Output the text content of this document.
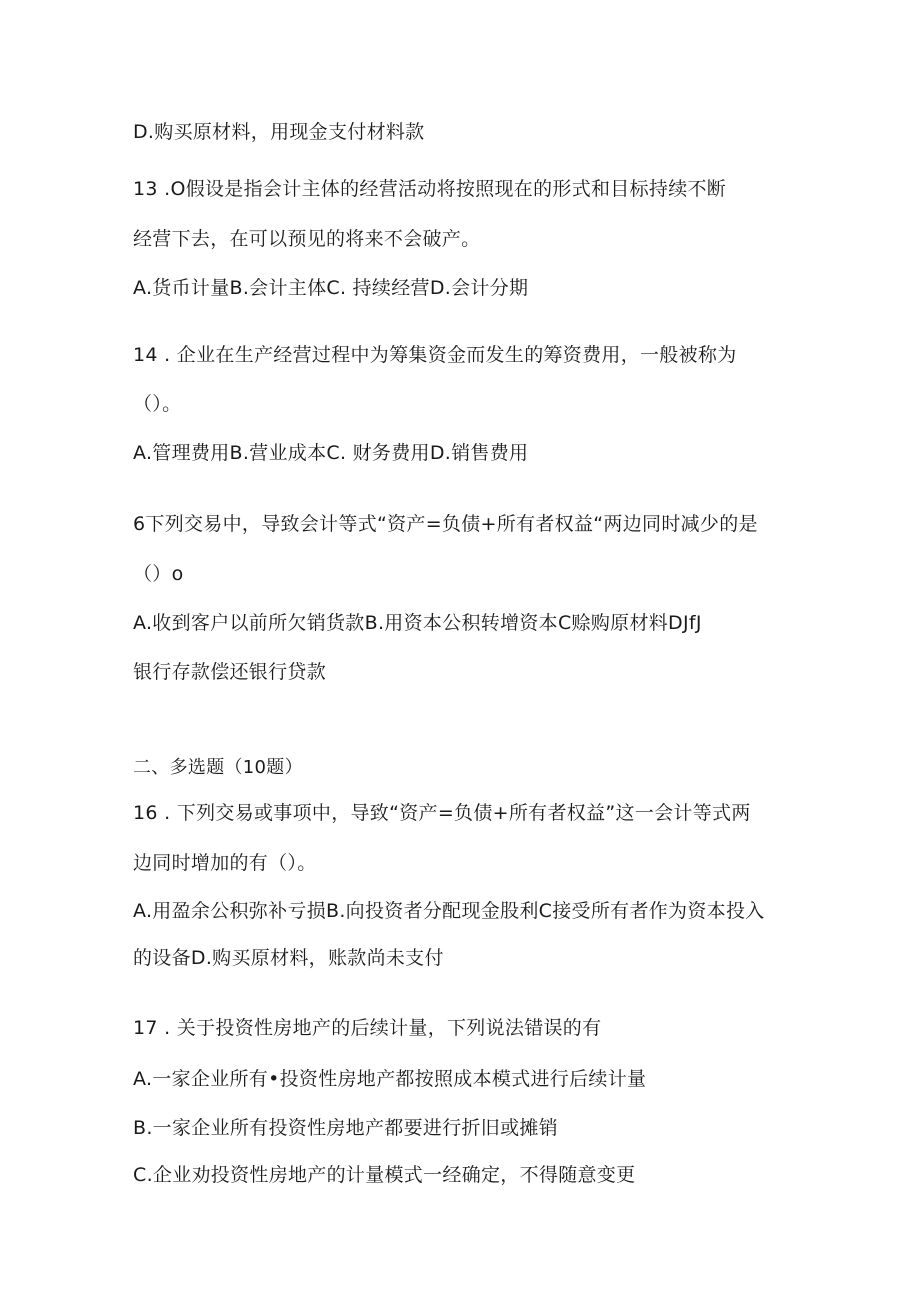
D.购买原材料，用现金支付材料款
13 .O假设是指会计主体的经营活动将按照现在的形式和目标持续不断
经营下去，在可以预见的将来不会破产。
A.货币计量B.会计主体C. 持续经营D.会计分期
14 . 企业在生产经营过程中为筹集资金而发生的筹资费用，一般被称为
（）。
A.管理费用B.营业成本C. 财务费用D.销售费用
6下列交易中，导致会计等式“资产=负债+所有者权益“两边同时减少的是
（）o
A.收到客户以前所欠销货款B.用资本公积转增资本C赊购原材料DJfJ
银行存款偿还银行贷款
二、多选题（10题）
16 . 下列交易或事项中，导致“资产=负债+所有者权益”这一会计等式两
边同时增加的有（）。
A.用盈余公积弥补亏损B.向投资者分配现金股利C接受所有者作为资本投入
的设备D.购买原材料，账款尚未支付
17 . 关于投资性房地产的后续计量，下列说法错误的有
A.一家企业所有•投资性房地产都按照成本模式进行后续计量
B.一家企业所有投资性房地产都要进行折旧或摊销
C.企业劝投资性房地产的计量模式一经确定，不得随意变更
